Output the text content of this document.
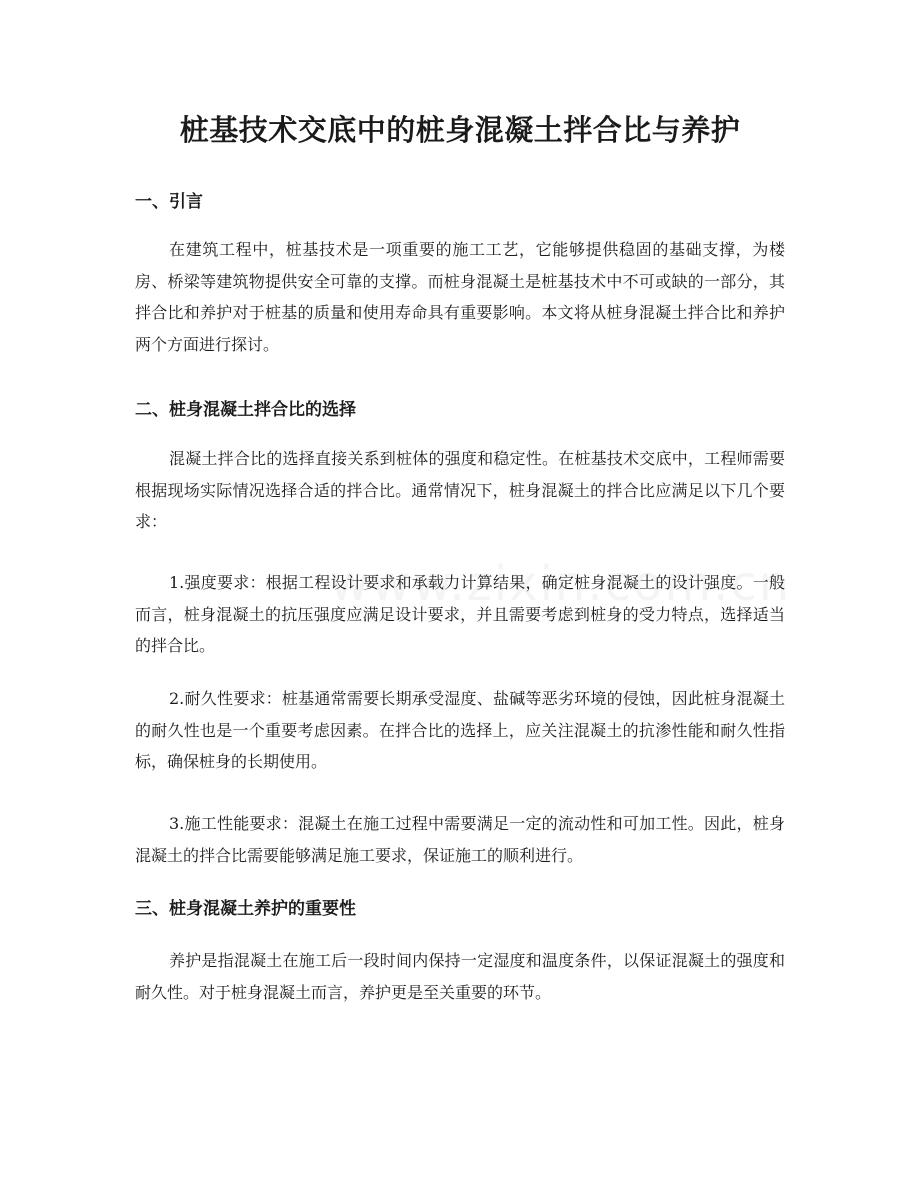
桩基技术交底中的桩身混凝土拌合比与养护
一、引言

在建筑工程中，桩基技术是一项重要的施工工艺，它能够提供稳固的基础支撑，为楼房、桥梁等建筑物提供安全可靠的支撑。而桩身混凝土是桩基技术中不可或缺的一部分，其拌合比和养护对于桩基的质量和使用寿命具有重要影响。本文将从桩身混凝土拌合比和养护两个方面进行探讨。

二、桩身混凝土拌合比的选择

混凝土拌合比的选择直接关系到桩体的强度和稳定性。在桩基技术交底中，工程师需要根据现场实际情况选择合适的拌合比。通常情况下，桩身混凝土的拌合比应满足以下几个要求：

1.强度要求：根据工程设计要求和承载力计算结果，确定桩身混凝土的设计强度。一般而言，桩身混凝土的抗压强度应满足设计要求，并且需要考虑到桩身的受力特点，选择适当的拌合比。

2.耐久性要求：桩基通常需要长期承受湿度、盐碱等恶劣环境的侵蚀，因此桩身混凝土的耐久性也是一个重要考虑因素。在拌合比的选择上，应关注混凝土的抗渗性能和耐久性指标，确保桩身的长期使用。

3.施工性能要求：混凝土在施工过程中需要满足一定的流动性和可加工性。因此，桩身混凝土的拌合比需要能够满足施工要求，保证施工的顺利进行。

三、桩身混凝土养护的重要性

养护是指混凝土在施工后一段时间内保持一定湿度和温度条件，以保证混凝土的强度和耐久性。对于桩身混凝土而言，养护更是至关重要的环节。
